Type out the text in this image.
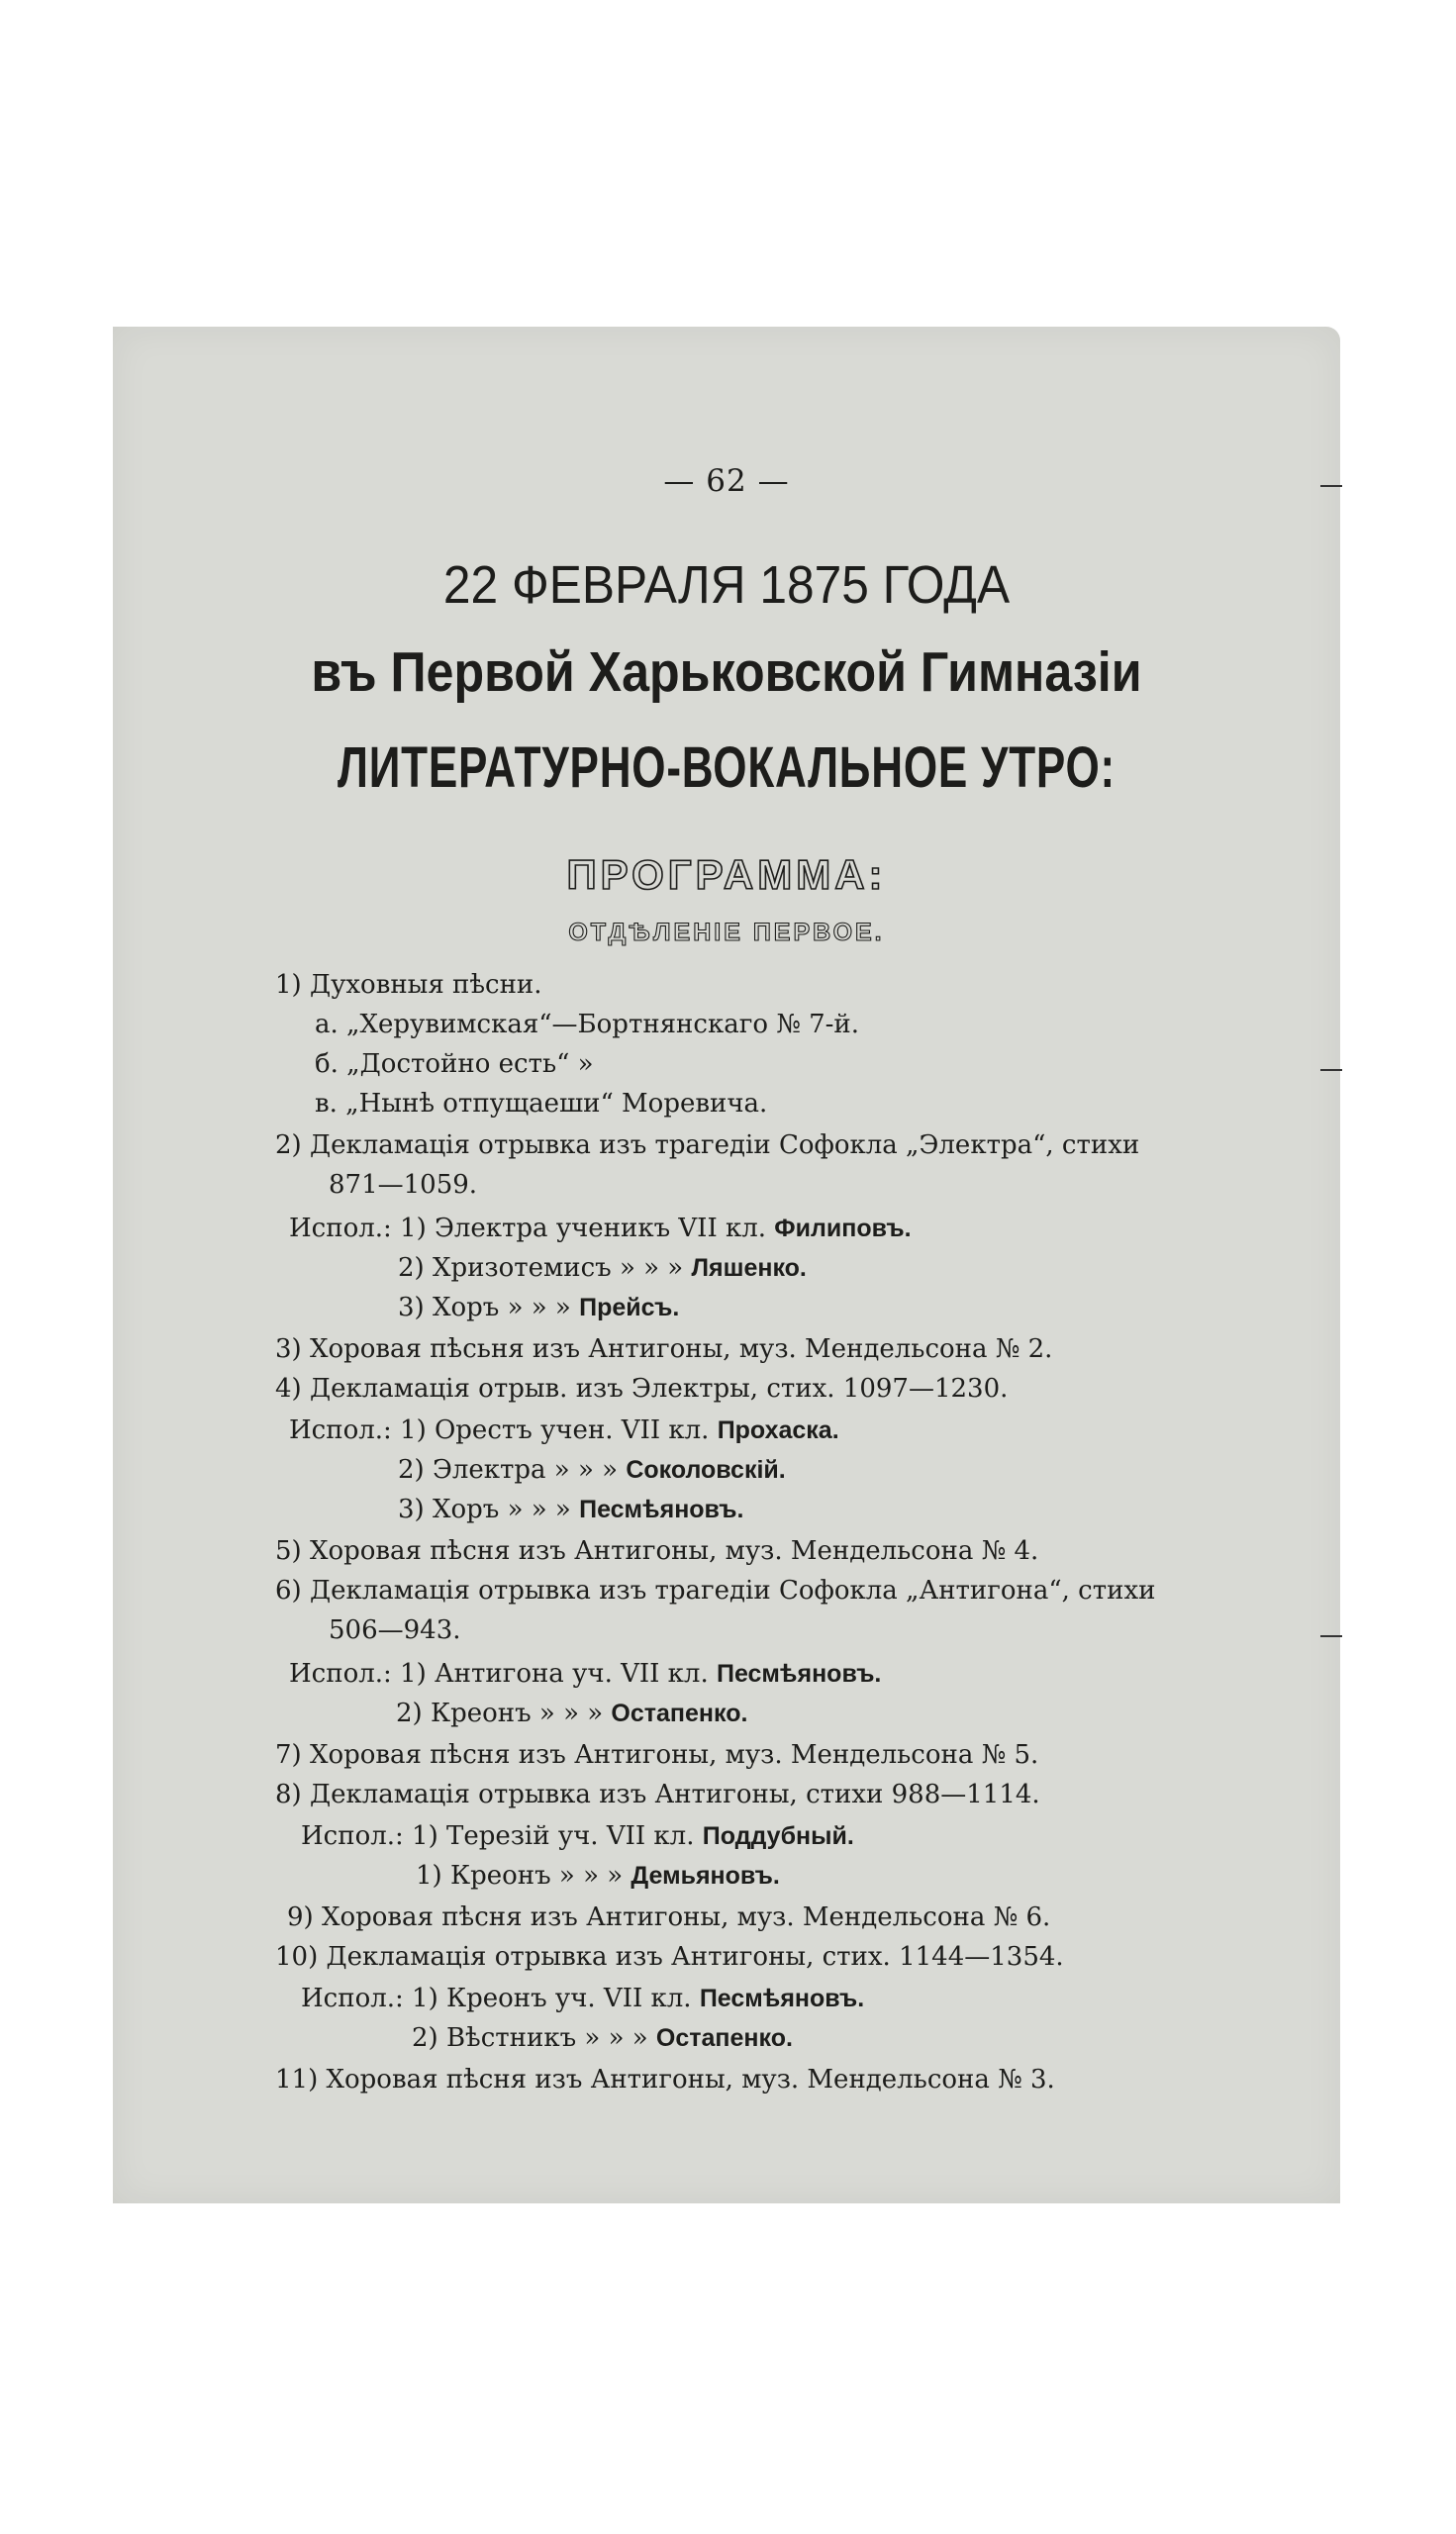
— 62 —
22 ФЕВРАЛЯ 1875 ГОДА
въ Первой Харьковской Гимназіи
ЛИТЕРАТУРНО-ВОКАЛЬНОЕ УТРО:
ПРОГРАММА:
ОТДѢЛЕНІЕ ПЕРВОЕ.
1) Духовныя пѣсни.
а. „Херувимская“—Бортнянскаго № 7-й.
б. „Достойно есть“ »
в. „Нынѣ отпущаеши“ Моревича.
2) Декламація отрывка изъ трагедіи Софокла „Электра“, стихи
871—1059.
Испол.: 1) Электра ученикъ VII кл. Филиповъ.
2) Хризотемисъ » » » Ляшенко.
3) Хоръ » » » Прейсъ.
3) Хоровая пѣсьня изъ Антигоны, муз. Мендельсона № 2.
4) Декламація отрыв. изъ Электры, стих. 1097—1230.
Испол.: 1) Орестъ учен. VII кл. Прохаска.
2) Электра » » » Соколовскій.
3) Хоръ » » » Песмѣяновъ.
5) Хоровая пѣсня изъ Антигоны, муз. Мендельсона № 4.
6) Декламація отрывка изъ трагедіи Софокла „Антигона“, стихи
506—943.
Испол.: 1) Антигона уч. VII кл. Песмѣяновъ.
2) Креонъ » » » Остапенко.
7) Хоровая пѣсня изъ Антигоны, муз. Мендельсона № 5.
8) Декламація отрывка изъ Антигоны, стихи 988—1114.
Испол.: 1) Терезій уч. VII кл. Поддубный.
1) Креонъ » » » Демьяновъ.
9) Хоровая пѣсня изъ Антигоны, муз. Мендельсона № 6.
10) Декламація отрывка изъ Антигоны, стих. 1144—1354.
Испол.: 1) Креонъ уч. VII кл. Песмѣяновъ.
2) Вѣстникъ » » » Остапенко.
11) Хоровая пѣсня изъ Антигоны, муз. Мендельсона № 3.
